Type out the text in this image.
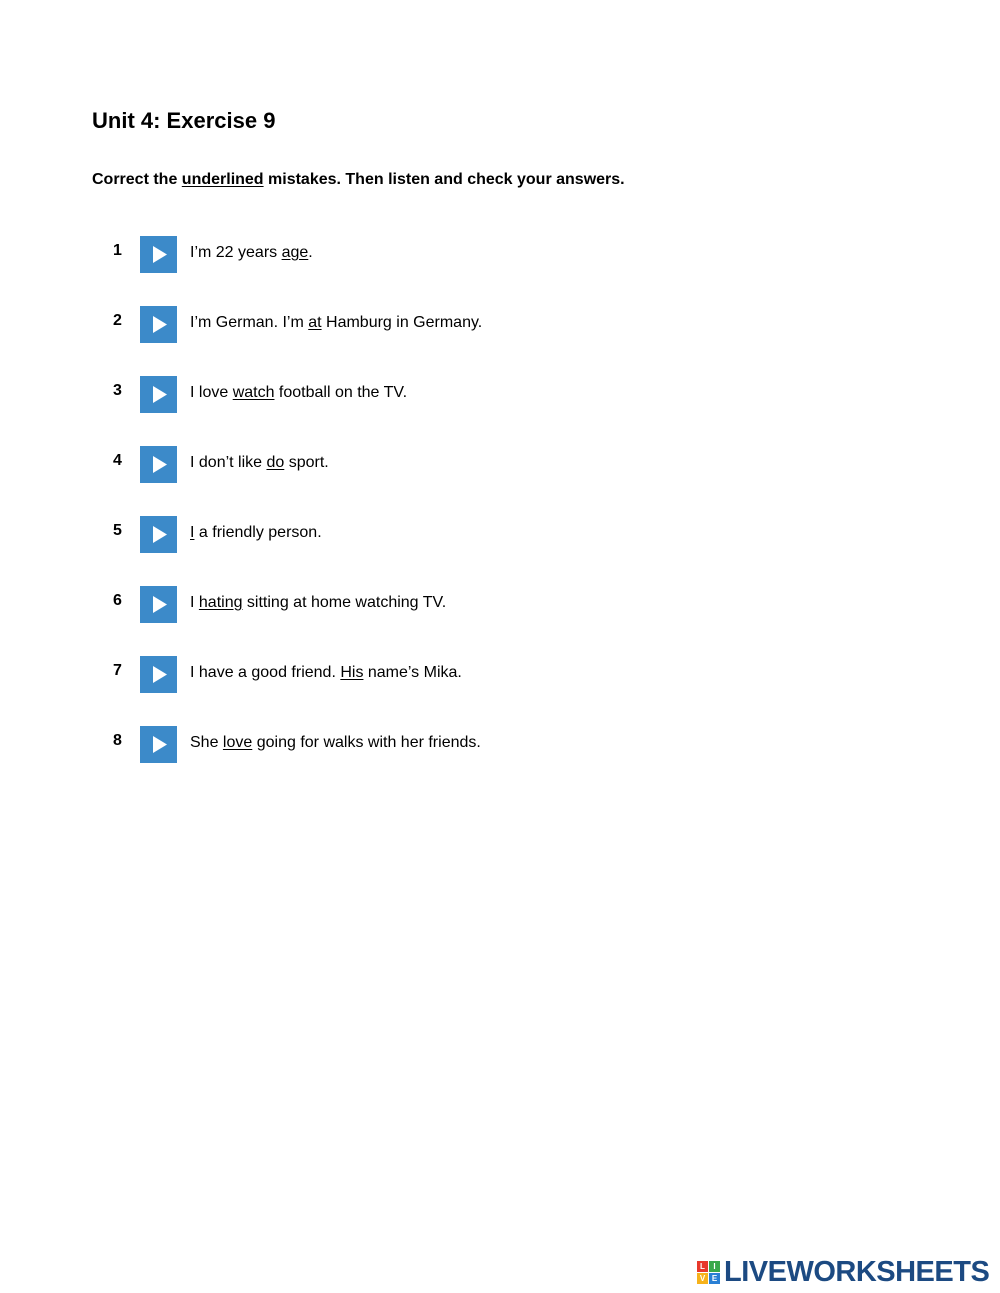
Unit 4: Exercise 9

Correct the underlined mistakes. Then listen and check your answers.

1	I’m 22 years age.
2	I’m German. I’m at Hamburg in Germany.
3	I love watch football on the TV.
4	I don’t like do sport.
5	I a friendly person.
6	I hating sitting at home watching TV.
7	I have a good friend. His name’s Mika.
8	She love going for walks with her friends.
L	I
V E LIVEWORKSHEETS
